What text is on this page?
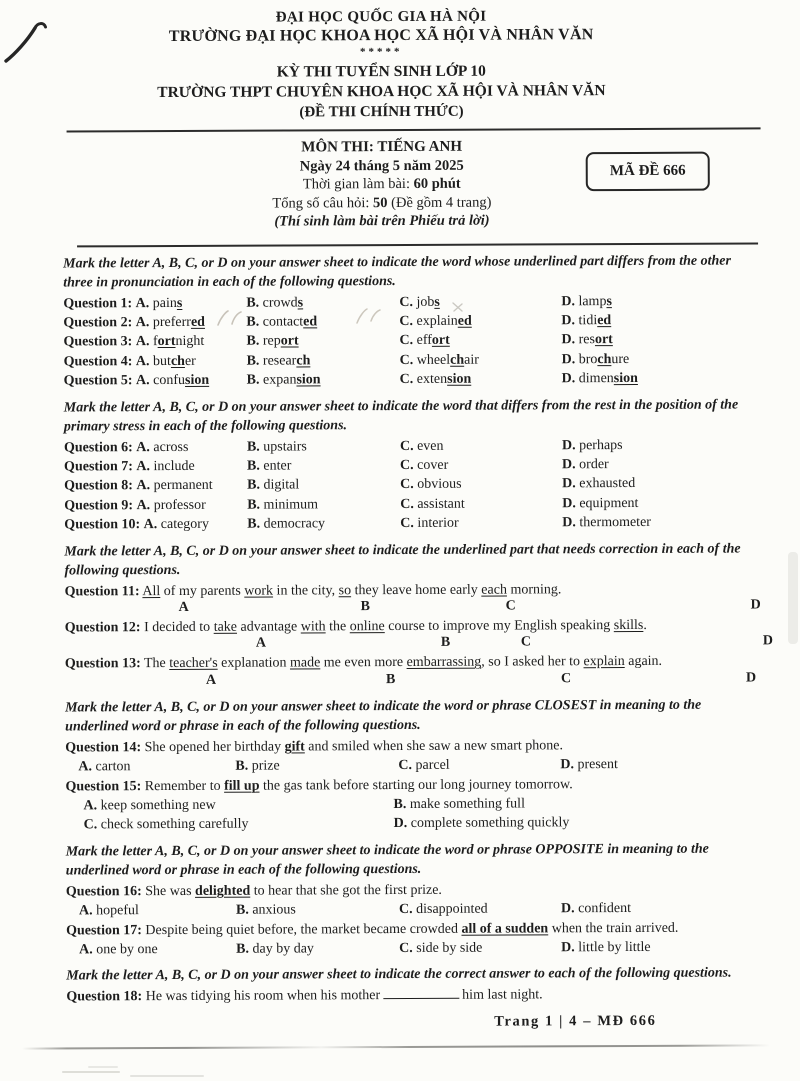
ĐẠI HỌC QUỐC GIA HÀ NỘI
TRƯỜNG ĐẠI HỌC KHOA HỌC XÃ HỘI VÀ NHÂN VĂN
*****
KỲ THI TUYỂN SINH LỚP 10
TRƯỜNG THPT CHUYÊN KHOA HỌC XÃ HỘI VÀ NHÂN VĂN
(ĐỀ THI CHÍNH THỨC)
MÔN THI: TIẾNG ANH
Ngày 24 tháng 5 năm 2025
Thời gian làm bài: 60 phút
Tổng số câu hỏi: 50 (Đề gồm 4 trang)
(Thí sinh làm bài trên Phiếu trả lời)
MÃ ĐỀ 666

Mark the letter A, B, C, or D on your answer sheet to indicate the word whose underlined part differs from the other three in pronunciation in each of the following questions.

Question 1: A. pains	B. crowds	C. jobs	D. lamps
Question 2: A. preferred	B. contacted	C. explained	D. tidied
Question 3: A. fortnight	B. report	C. effort	D. resort
Question 4: A. butcher	B. research	C. wheelchair	D. brochure
Question 5: A. confusion	B. expansion	C. extension	D. dimension

Mark the letter A, B, C, or D on your answer sheet to indicate the word that differs from the rest in the position of the primary stress in each of the following questions.

Question 6: A. across	B. upstairs	C. even	D. perhaps
Question 7: A. include	B. enter	C. cover	D. order
Question 8: A. permanent	B. digital	C. obvious	D. exhausted
Question 9: A. professor	B. minimum	C. assistant	D. equipment
Question 10: A. category	B. democracy	C. interior	D. thermometer

Mark the letter A, B, C, or D on your answer sheet to indicate the underlined part that needs correction in each of the following questions.

Question 11: All of my parents work in the city, so they leave home early each morning.
A	B	C	D
Question 12: I decided to take advantage with the online course to improve my English speaking skills.
A	B	C	D
Question 13: The teacher's explanation made me even more embarrassing, so I asked her to explain again.
A	B	C	D

Mark the letter A, B, C, or D on your answer sheet to indicate the word or phrase CLOSEST in meaning to the underlined word or phrase in each of the following questions.

Question 14: She opened her birthday gift and smiled when she saw a new smart phone.
A. carton	B. prize	C. parcel	D. present
Question 15: Remember to fill up the gas tank before starting our long journey tomorrow.
A. keep something new	B. make something full
C. check something carefully	D. complete something quickly

Mark the letter A, B, C, or D on your answer sheet to indicate the word or phrase OPPOSITE in meaning to the underlined word or phrase in each of the following questions.

Question 16: She was delighted to hear that she got the first prize.
A. hopeful	B. anxious	C. disappointed	D. confident
Question 17: Despite being quiet before, the market became crowded all of a sudden when the train arrived.
A. one by one	B. day by day	C. side by side	D. little by little

Mark the letter A, B, C, or D on your answer sheet to indicate the correct answer to each of the following questions.

Question 18: He was tidying his room when his mother	him last night.
Trang 1 | 4 – MĐ 666
